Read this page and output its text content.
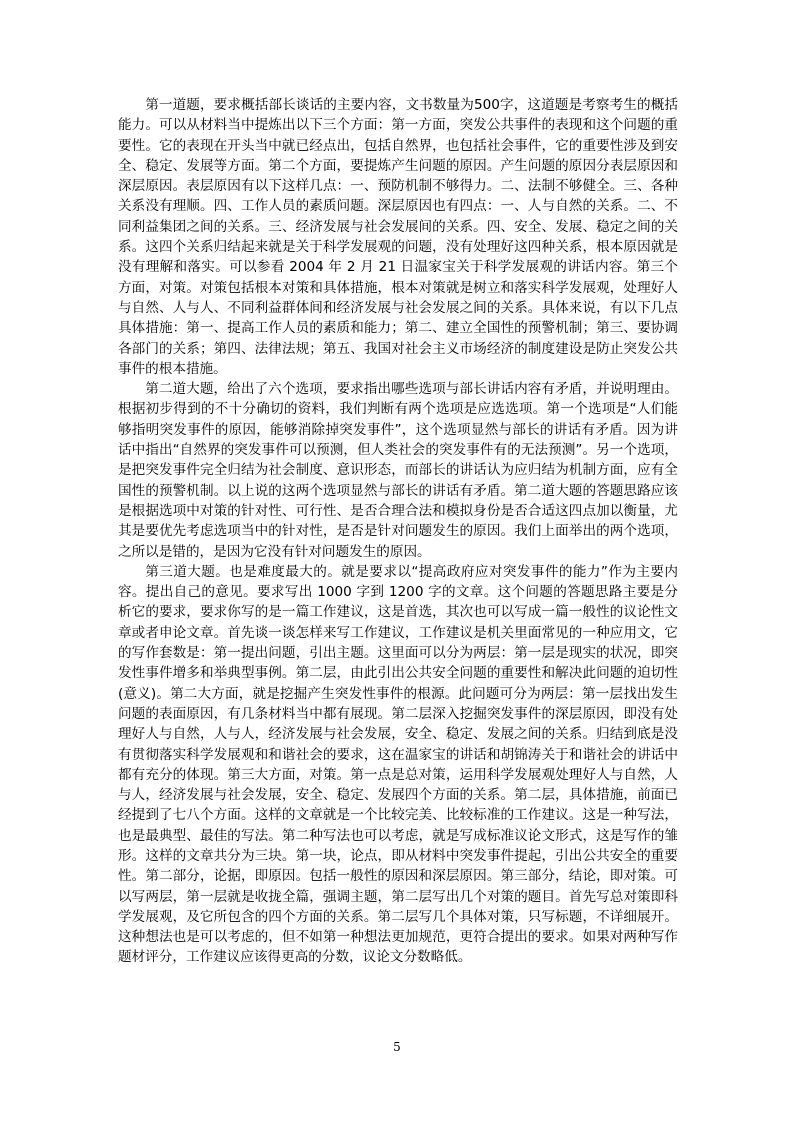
第一道题，要求概括部长谈话的主要内容，文书数量为500字，这道题是考察考生的概括能力。可以从材料当中提炼出以下三个方面：第一方面，突发公共事件的表现和这个问题的重要性。它的表现在开头当中就已经点出，包括自然界，也包括社会事件，它的重要性涉及到安全、稳定、发展等方面。第二个方面，要提炼产生问题的原因。产生问题的原因分表层原因和深层原因。表层原因有以下这样几点：一、预防机制不够得力。二、法制不够健全。三、各种关系没有理顺。四、工作人员的素质问题。深层原因也有四点：一、人与自然的关系。二、不同利益集团之间的关系。三、经济发展与社会发展间的关系。四、安全、发展、稳定之间的关系。这四个关系归结起来就是关于科学发展观的问题，没有处理好这四种关系，根本原因就是没有理解和落实。可以参看 2004 年 2 月 21 日温家宝关于科学发展观的讲话内容。第三个方面，对策。对策包括根本对策和具体措施，根本对策就是树立和落实科学发展观，处理好人与自然、人与人、不同利益群体间和经济发展与社会发展之间的关系。具体来说，有以下几点具体措施：第一、提高工作人员的素质和能力；第二、建立全国性的预警机制；第三、要协调各部门的关系；第四、法律法规；第五、我国对社会主义市场经济的制度建设是防止突发公共事件的根本措施。

第二道大题，给出了六个选项，要求指出哪些选项与部长讲话内容有矛盾，并说明理由。根据初步得到的不十分确切的资料，我们判断有两个选项是应选选项。第一个选项是“人们能够指明突发事件的原因，能够消除掉突发事件”，这个选项显然与部长的讲话有矛盾。因为讲话中指出“自然界的突发事件可以预测，但人类社会的突发事件有的无法预测”。另一个选项，是把突发事件完全归结为社会制度、意识形态，而部长的讲话认为应归结为机制方面，应有全国性的预警机制。以上说的这两个选项显然与部长的讲话有矛盾。第二道大题的答题思路应该是根据选项中对策的针对性、可行性、是否合理合法和模拟身份是否合适这四点加以衡量，尤其是要优先考虑选项当中的针对性，是否是针对问题发生的原因。我们上面举出的两个选项，之所以是错的，是因为它没有针对问题发生的原因。

第三道大题。也是难度最大的。就是要求以“提高政府应对突发事件的能力”作为主要内容。提出自己的意见。要求写出 1000 字到 1200 字的文章。这个问题的答题思路主要是分析它的要求，要求你写的是一篇工作建议，这是首选，其次也可以写成一篇一般性的议论性文章或者申论文章。首先谈一谈怎样来写工作建议，工作建议是机关里面常见的一种应用文，它的写作套数是：第一提出问题，引出主题。这里面可以分为两层：第一层是现实的状况，即突发性事件增多和举典型事例。第二层，由此引出公共安全问题的重要性和解决此问题的迫切性(意义)。第二大方面，就是挖掘产生突发性事件的根源。此问题可分为两层：第一层找出发生问题的表面原因，有几条材料当中都有展现。第二层深入挖掘突发事件的深层原因，即没有处理好人与自然，人与人，经济发展与社会发展，安全、稳定、发展之间的关系。归结到底是没有贯彻落实科学发展观和和谐社会的要求，这在温家宝的讲话和胡锦涛关于和谐社会的讲话中都有充分的体现。第三大方面，对策。第一点是总对策，运用科学发展观处理好人与自然，人与人，经济发展与社会发展，安全、稳定、发展四个方面的关系。第二层，具体措施，前面已经提到了七八个方面。这样的文章就是一个比较完美、比较标准的工作建议。这是一种写法，也是最典型、最佳的写法。第二种写法也可以考虑，就是写成标准议论文形式，这是写作的雏形。这样的文章共分为三块。第一块，论点，即从材料中突发事件提起，引出公共安全的重要性。第二部分，论据，即原因。包括一般性的原因和深层原因。第三部分，结论，即对策。可以写两层，第一层就是收拢全篇，强调主题，第二层写出几个对策的题目。首先写总对策即科学发展观，及它所包含的四个方面的关系。第二层写几个具体对策，只写标题，不详细展开。这种想法也是可以考虑的，但不如第一种想法更加规范，更符合提出的要求。如果对两种写作题材评分，工作建议应该得更高的分数，议论文分数略低。

5
